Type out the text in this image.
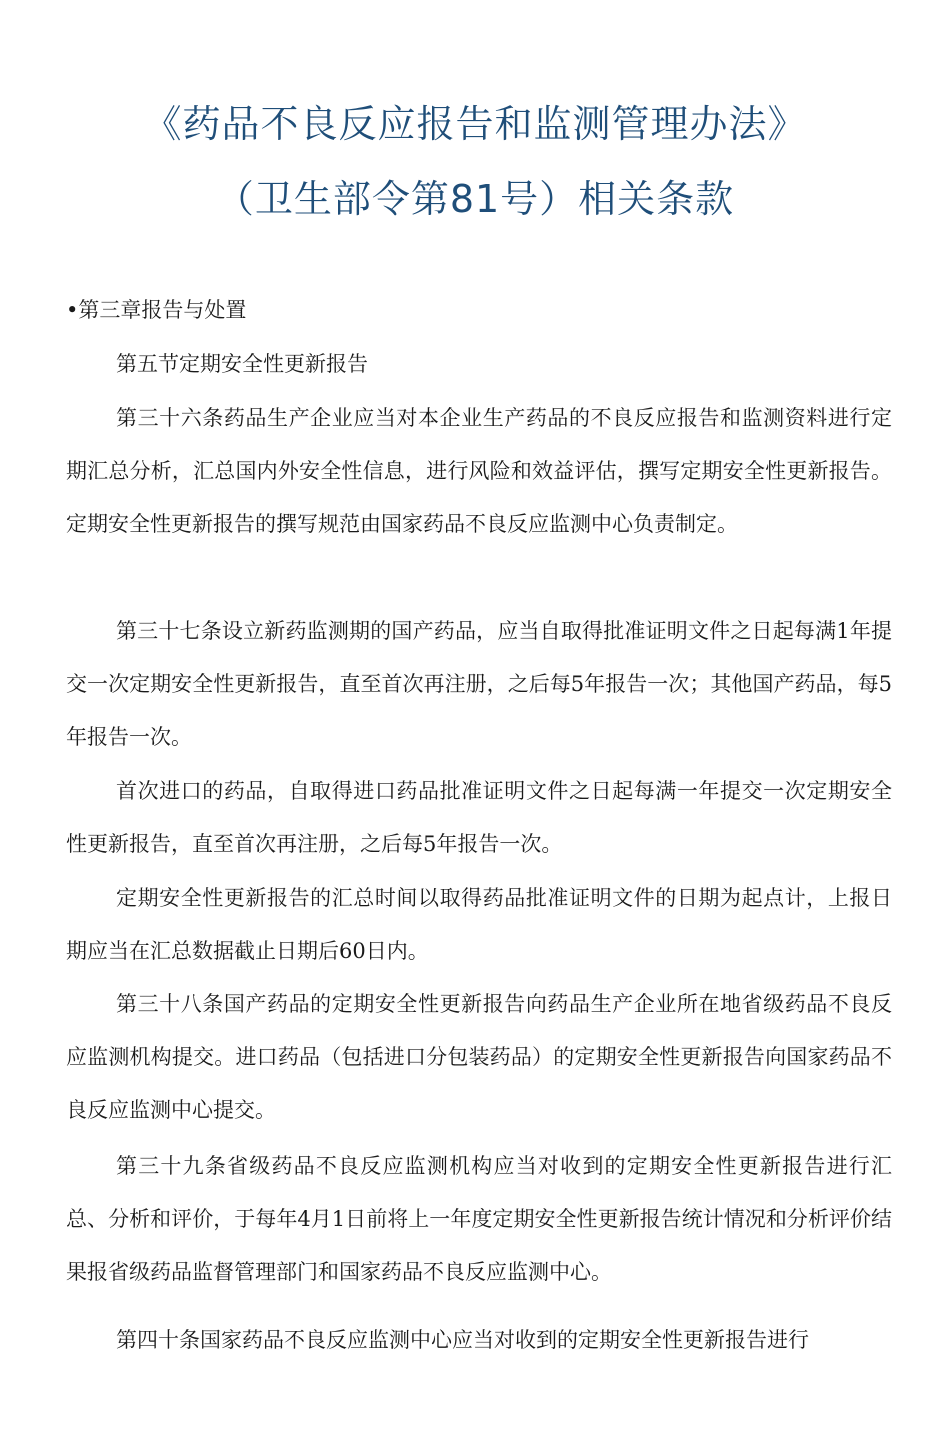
《药品不良反应报告和监测管理办法》
（卫生部令第81号）相关条款
•第三章报告与处置

第五节定期安全性更新报告

第三十六条药品生产企业应当对本企业生产药品的不良反应报告和监测资料进行定期汇总分析，汇总国内外安全性信息，进行风险和效益评估，撰写定期安全性更新报告。定期安全性更新报告的撰写规范由国家药品不良反应监测中心负责制定。

第三十七条设立新药监测期的国产药品，应当自取得批准证明文件之日起每满1年提交一次定期安全性更新报告，直至首次再注册，之后每5年报告一次；其他国产药品，每5年报告一次。

首次进口的药品，自取得进口药品批准证明文件之日起每满一年提交一次定期安全性更新报告，直至首次再注册，之后每5年报告一次。

定期安全性更新报告的汇总时间以取得药品批准证明文件的日期为起点计，上报日期应当在汇总数据截止日期后60日内。

第三十八条国产药品的定期安全性更新报告向药品生产企业所在地省级药品不良反应监测机构提交。进口药品（包括进口分包装药品）的定期安全性更新报告向国家药品不良反应监测中心提交。

第三十九条省级药品不良反应监测机构应当对收到的定期安全性更新报告进行汇总、分析和评价，于每年4月1日前将上一年度定期安全性更新报告统计情况和分析评价结果报省级药品监督管理部门和国家药品不良反应监测中心。

第四十条国家药品不良反应监测中心应当对收到的定期安全性更新报告进行
